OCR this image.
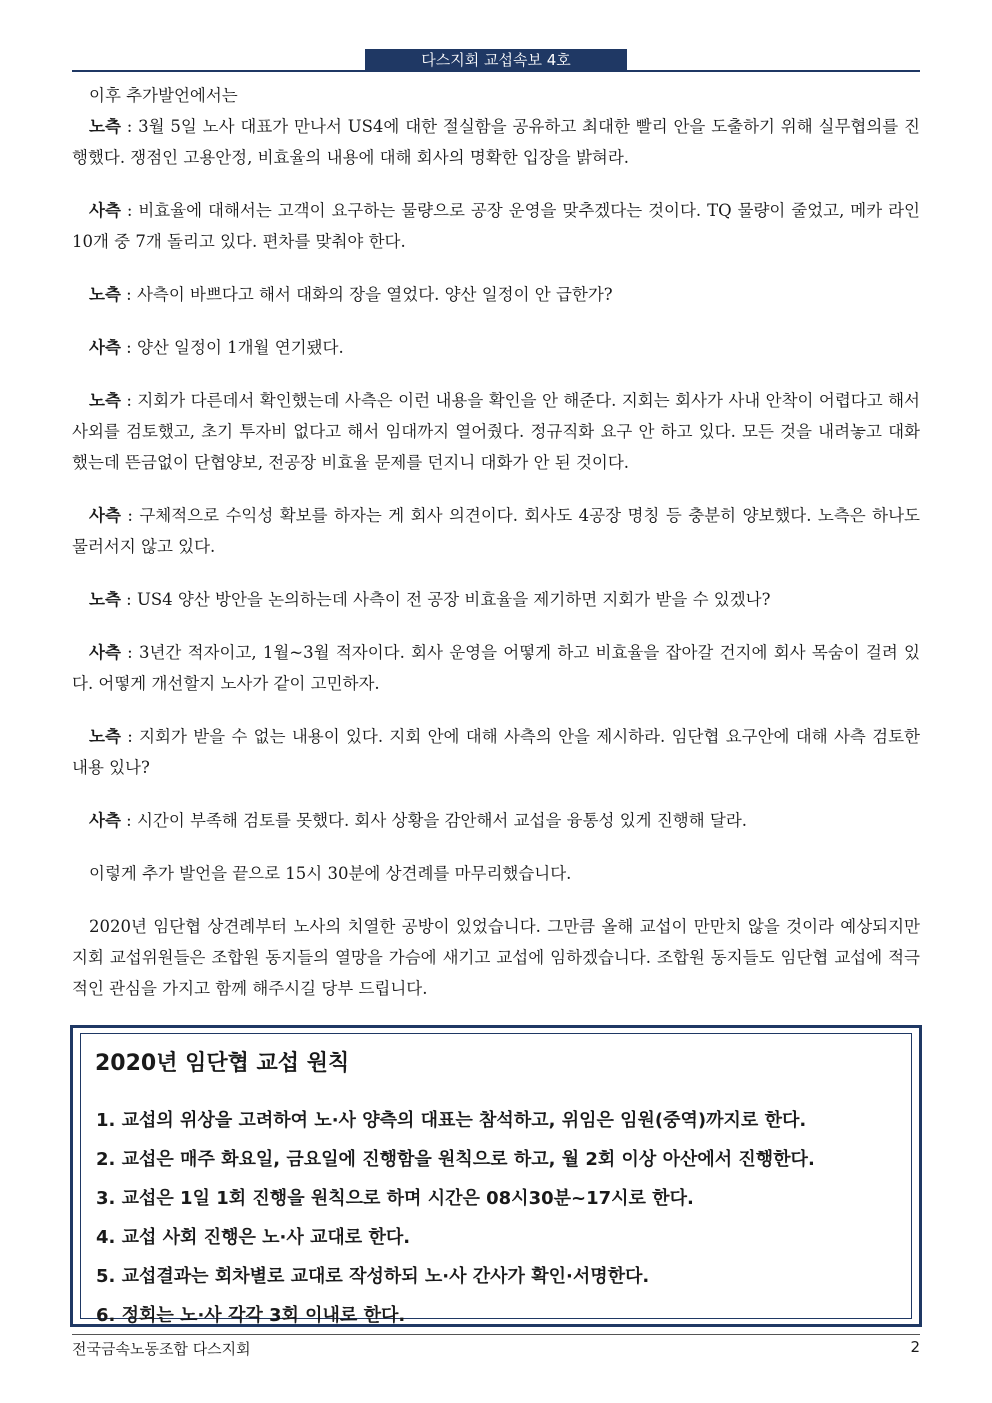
다스지회 교섭속보 4호

이후 추가발언에서는

노측 : 3월 5일 노사 대표가 만나서 US4에 대한 절실함을 공유하고 최대한 빨리 안을 도출하기 위해 실무협의를 진행했다. 쟁점인 고용안정, 비효율의 내용에 대해 회사의 명확한 입장을 밝혀라.

사측 : 비효율에 대해서는 고객이 요구하는 물량으로 공장 운영을 맞추겠다는 것이다. TQ 물량이 줄었고, 메카 라인 10개 중 7개 돌리고 있다. 편차를 맞춰야 한다.

노측 : 사측이 바쁘다고 해서 대화의 장을 열었다. 양산 일정이 안 급한가?

사측 : 양산 일정이 1개월 연기됐다.

노측 : 지회가 다른데서 확인했는데 사측은 이런 내용을 확인을 안 해준다. 지회는 회사가 사내 안착이 어렵다고 해서 사외를 검토했고, 초기 투자비 없다고 해서 임대까지 열어줬다. 정규직화 요구 안 하고 있다. 모든 것을 내려놓고 대화했는데 뜬금없이 단협양보, 전공장 비효율 문제를 던지니 대화가 안 된 것이다.

사측 : 구체적으로 수익성 확보를 하자는 게 회사 의견이다. 회사도 4공장 명칭 등 충분히 양보했다. 노측은 하나도 물러서지 않고 있다.

노측 : US4 양산 방안을 논의하는데 사측이 전 공장 비효율을 제기하면 지회가 받을 수 있겠나?

사측 : 3년간 적자이고, 1월~3월 적자이다. 회사 운영을 어떻게 하고 비효율을 잡아갈 건지에 회사 목숨이 걸려 있다. 어떻게 개선할지 노사가 같이 고민하자.

노측 : 지회가 받을 수 없는 내용이 있다. 지회 안에 대해 사측의 안을 제시하라. 임단협 요구안에 대해 사측 검토한 내용 있나?

사측 : 시간이 부족해 검토를 못했다. 회사 상황을 감안해서 교섭을 융통성 있게 진행해 달라.

이렇게 추가 발언을 끝으로 15시 30분에 상견례를 마무리했습니다.

2020년 임단협 상견례부터 노사의 치열한 공방이 있었습니다. 그만큼 올해 교섭이 만만치 않을 것이라 예상되지만 지회 교섭위원들은 조합원 동지들의 열망을 가슴에 새기고 교섭에 임하겠습니다. 조합원 동지들도 임단협 교섭에 적극적인 관심을 가지고 함께 해주시길 당부 드립니다.

2020년 임단협 교섭 원칙
1. 교섭의 위상을 고려하여 노·사 양측의 대표는 참석하고, 위임은 임원(중역)까지로 한다.
2. 교섭은 매주 화요일, 금요일에 진행함을 원칙으로 하고, 월 2회 이상 아산에서 진행한다.
3. 교섭은 1일 1회 진행을 원칙으로 하며 시간은 08시30분~17시로 한다.
4. 교섭 사회 진행은 노·사 교대로 한다.
5. 교섭결과는 회차별로 교대로 작성하되 노·사 간사가 확인·서명한다.
6. 정회는 노·사 각각 3회 이내로 한다.
전국금속노동조합 다스지회	2
